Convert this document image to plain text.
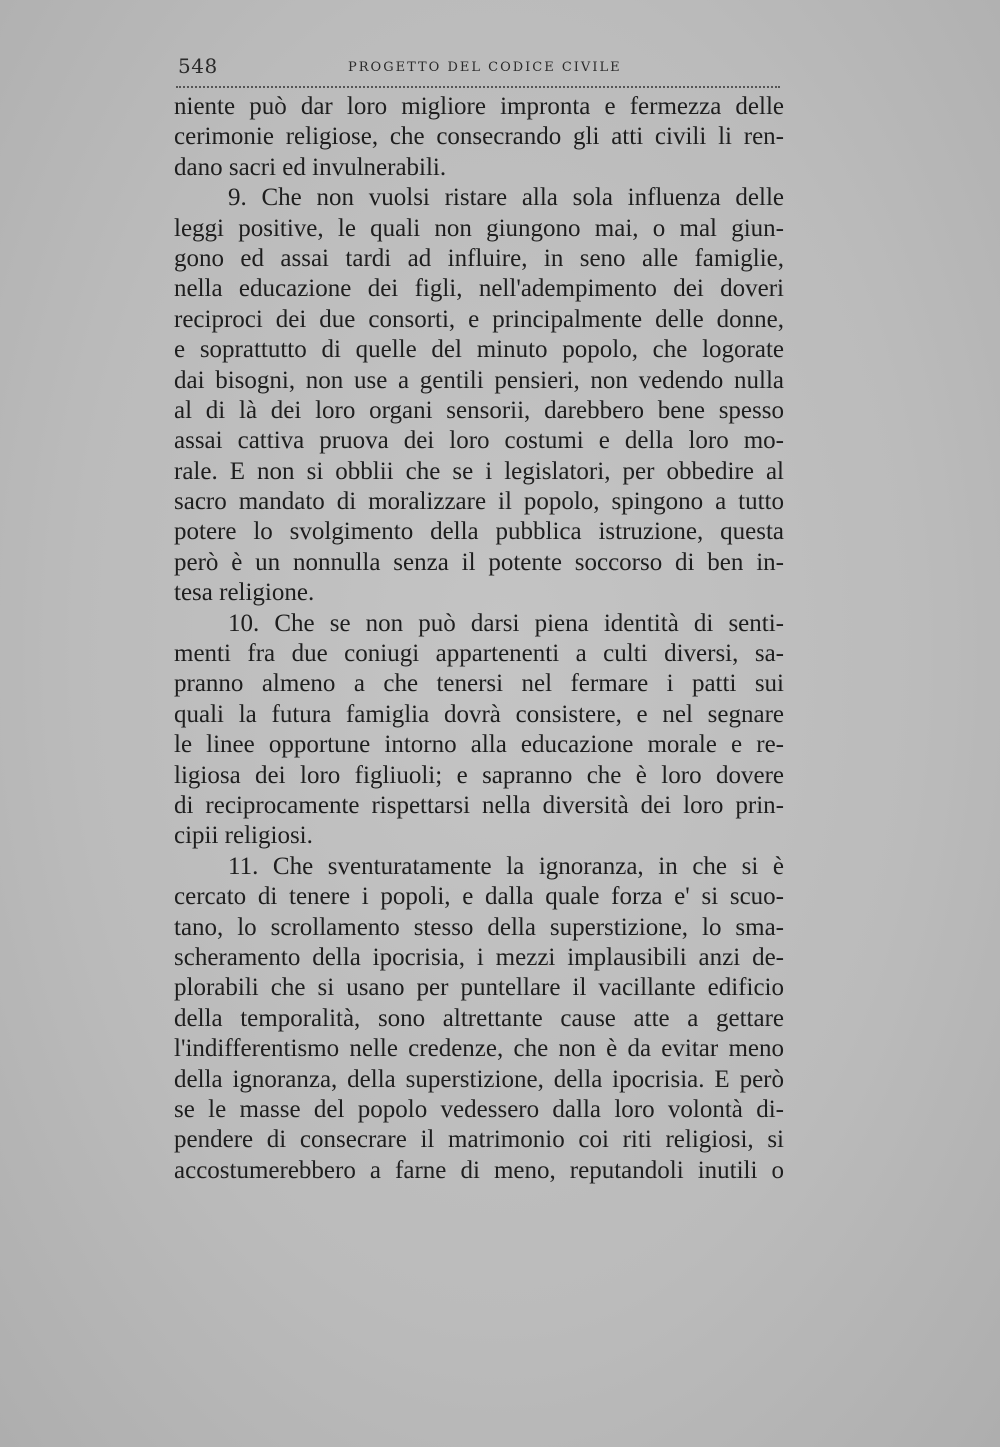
548	PROGETTO DEL CODICE CIVILE
niente può dar loro migliore impronta e fermezza delle
cerimonie religiose, che consecrando gli atti civili li ren-
dano sacri ed invulnerabili.
9. Che non vuolsi ristare alla sola influenza delle
leggi positive, le quali non giungono mai, o mal giun-
gono ed assai tardi ad influire, in seno alle famiglie,
nella educazione dei figli, nell'adempimento dei doveri
reciproci dei due consorti, e principalmente delle donne,
e soprattutto di quelle del minuto popolo, che logorate
dai bisogni, non use a gentili pensieri, non vedendo nulla
al di là dei loro organi sensorii, darebbero bene spesso
assai cattiva pruova dei loro costumi e della loro mo-
rale. E non si obblii che se i legislatori, per obbedire al
sacro mandato di moralizzare il popolo, spingono a tutto
potere lo svolgimento della pubblica istruzione, questa
però è un nonnulla senza il potente soccorso di ben in-
tesa religione.
10. Che se non può darsi piena identità di senti-
menti fra due coniugi appartenenti a culti diversi, sa-
pranno almeno a che tenersi nel fermare i patti sui
quali la futura famiglia dovrà consistere, e nel segnare
le linee opportune intorno alla educazione morale e re-
ligiosa dei loro figliuoli; e sapranno che è loro dovere
di reciprocamente rispettarsi nella diversità dei loro prin-
cipii religiosi.
11. Che sventuratamente la ignoranza, in che si è
cercato di tenere i popoli, e dalla quale forza e' si scuo-
tano, lo scrollamento stesso della superstizione, lo sma-
scheramento della ipocrisia, i mezzi implausibili anzi de-
plorabili che si usano per puntellare il vacillante edificio
della temporalità, sono altrettante cause atte a gettare
l'indifferentismo nelle credenze, che non è da evitar meno
della ignoranza, della superstizione, della ipocrisia. E però
se le masse del popolo vedessero dalla loro volontà di-
pendere di consecrare il matrimonio coi riti religiosi, si
accostumerebbero a farne di meno, reputandoli inutili o
